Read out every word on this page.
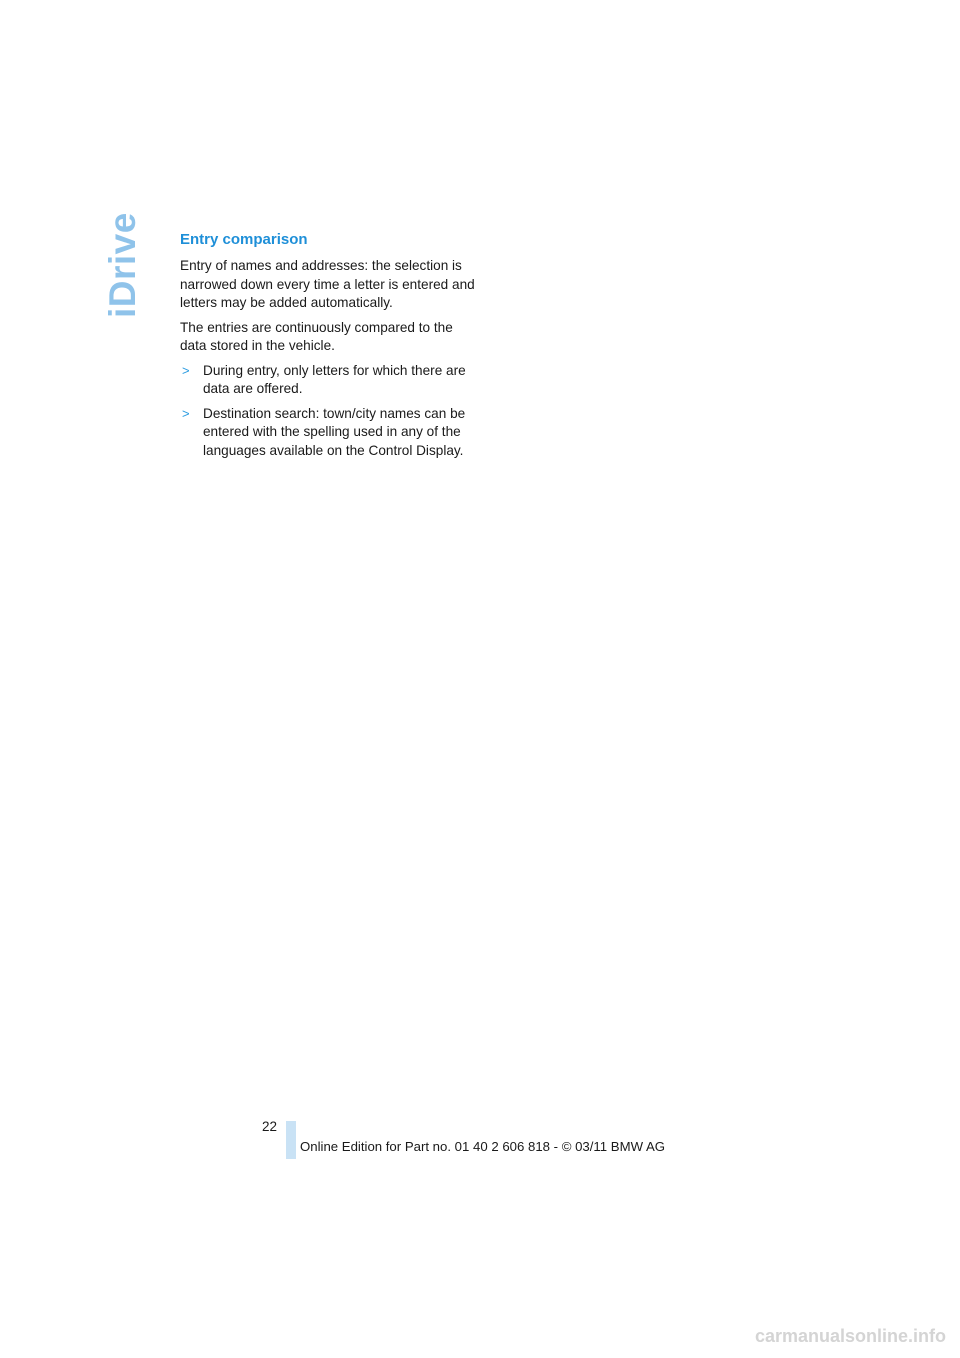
iDrive Entry comparison

Entry of names and addresses: the selection is narrowed down every time a letter is entered and letters may be added automatically.

The entries are continuously compared to the data stored in the vehicle.

> During entry, only letters for which there are data are offered.
> Destination search: town/city names can be entered with the spelling used in any of the languages available on the Control Display.
22
Online Edition for Part no. 01 40 2 606 818 - © 03/11 BMW AG
carmanualsonline.info
